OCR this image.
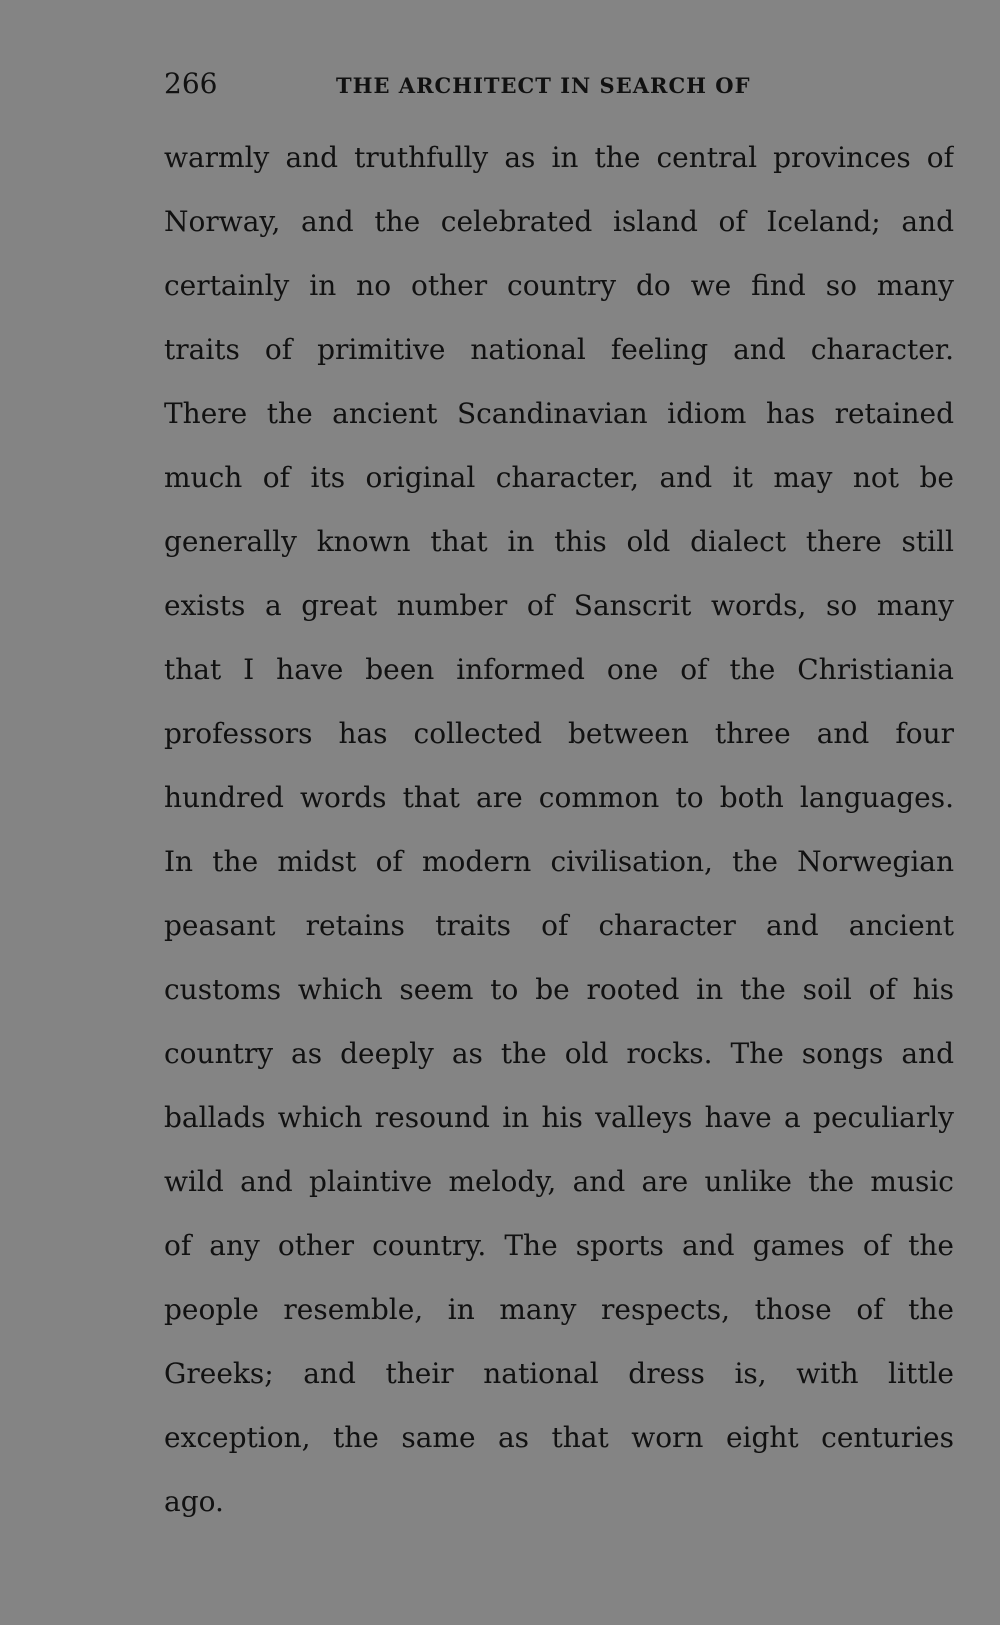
266	THE ARCHITECT IN SEARCH OF
warmly and truthfully as in the central provinces of
Norway, and the celebrated island of Iceland; and
certainly in no other country do we find so many
traits of primitive national feeling and character.
There the ancient Scandinavian idiom has retained
much of its original character, and it may not be
generally known that in this old dialect there still
exists a great number of Sanscrit words, so many
that I have been informed one of the Christiania
professors has collected between three and four
hundred words that are common to both languages.
In the midst of modern civilisation, the Norwegian
peasant retains traits of character and ancient
customs which seem to be rooted in the soil of his
country as deeply as the old rocks. The songs and
ballads which resound in his valleys have a peculiarly
wild and plaintive melody, and are unlike the music
of any other country. The sports and games of the
people resemble, in many respects, those of the
Greeks; and their national dress is, with little
exception, the same as that worn eight centuries
ago.
